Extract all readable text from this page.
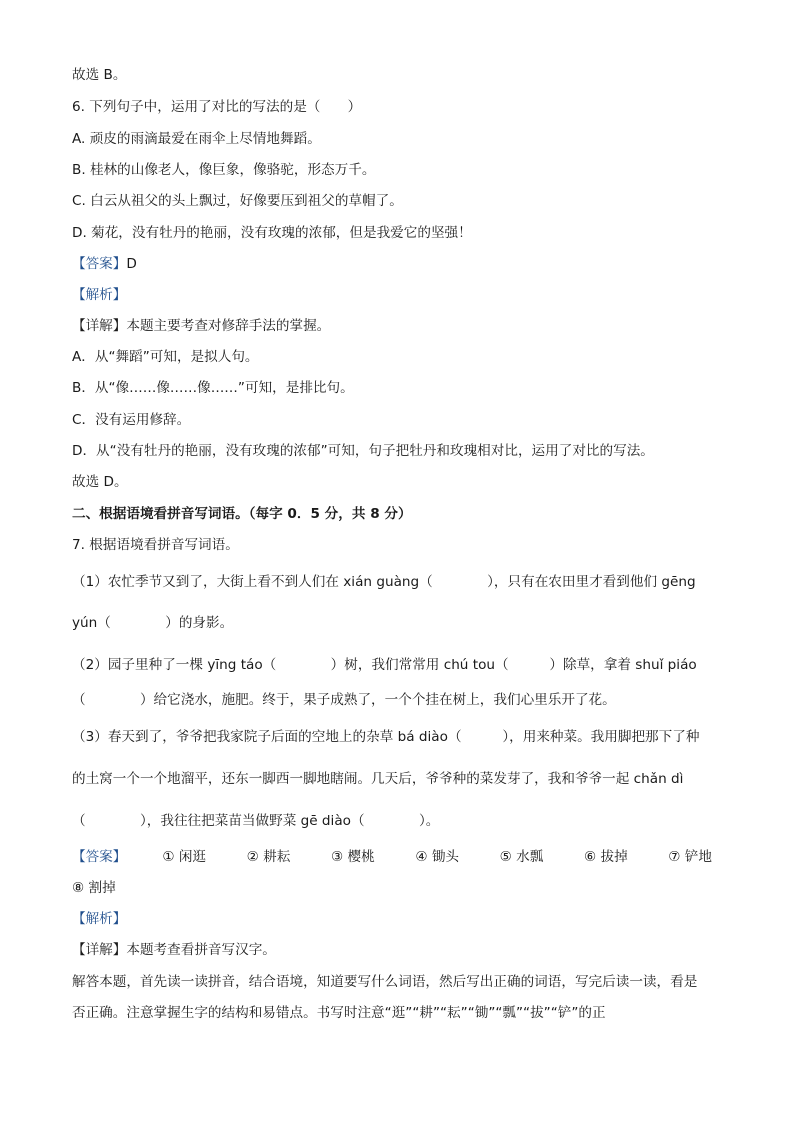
故选 B。
6. 下列句子中，运用了对比的写法的是（　　）
A. 顽皮的雨滴最爱在雨伞上尽情地舞蹈。
B. 桂林的山像老人，像巨象，像骆驼，形态万千。
C. 白云从祖父的头上飘过，好像要压到祖父的草帽了。
D. 菊花，没有牡丹的艳丽，没有玫瑰的浓郁，但是我爱它的坚强！
【答案】D
【解析】
【详解】本题主要考查对修辞手法的掌握。
A．从“舞蹈”可知，是拟人句。
B．从“像……像……像……”可知，是排比句。
C．没有运用修辞。
D．从“没有牡丹的艳丽，没有玫瑰的浓郁”可知，句子把牡丹和玫瑰相对比，运用了对比的写法。
故选 D。
二、根据语境看拼音写词语。（每字 0．5 分，共 8 分）
7. 根据语境看拼音写词语。
（1）农忙季节又到了，大街上看不到人们在 xián guàng（　　　　），只有在农田里才看到他们 gēng
yún（　　　　）的身影。
（2）园子里种了一棵 yīng táo（　　　　）树，我们常常用 chú tou（　　　）除草，拿着 shuǐ piáo
（　　　　）给它浇水，施肥。终于，果子成熟了，一个个挂在树上，我们心里乐开了花。
（3）春天到了，爷爷把我家院子后面的空地上的杂草 bá diào（　　　），用来种菜。我用脚把那下了种
的土窝一个一个地溜平，还东一脚西一脚地瞎闹。几天后，爷爷种的菜发芽了，我和爷爷一起 chǎn dì
（　　　　），我往往把菜苗当做野菜 gē diào（　　　　）。
【答案】	① 闲逛	② 耕耘	③ 樱桃	④ 锄头	⑤ 水瓢	⑥ 拔掉	⑦ 铲地
⑧ 割掉
【解析】
【详解】本题考查看拼音写汉字。
解答本题，首先读一读拼音，结合语境，知道要写什么词语，然后写出正确的词语，写完后读一读，看是
否正确。注意掌握生字的结构和易错点。书写时注意“逛”“耕”“耘”“锄”“瓢”“拔”“铲”的正
